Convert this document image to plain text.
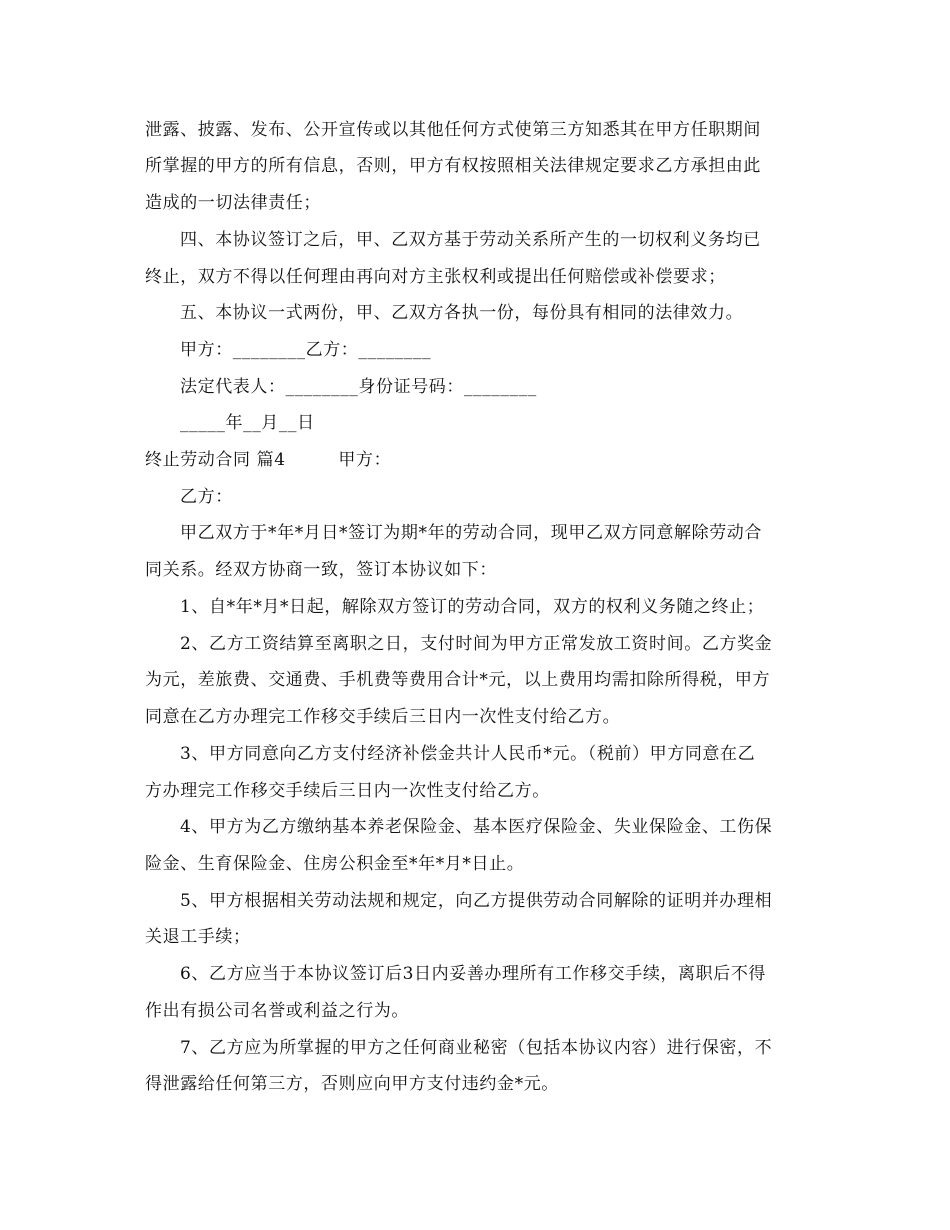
泄露、披露、发布、公开宣传或以其他任何方式使第三方知悉其在甲方任职期间
所掌握的甲方的所有信息，否则，甲方有权按照相关法律规定要求乙方承担由此
造成的一切法律责任；
四、本协议签订之后，甲、乙双方基于劳动关系所产生的一切权利义务均已
终止，双方不得以任何理由再向对方主张权利或提出任何赔偿或补偿要求；
五、本协议一式两份，甲、乙双方各执一份，每份具有相同的法律效力。
甲方：________乙方：________
法定代表人：________身份证号码：________
_____年__月__日
终止劳动合同 篇4　　　甲方：
乙方：
甲乙双方于*年*月日*签订为期*年的劳动合同，现甲乙双方同意解除劳动合
同关系。经双方协商一致，签订本协议如下：
1、自*年*月*日起，解除双方签订的劳动合同，双方的权利义务随之终止；
2、乙方工资结算至离职之日，支付时间为甲方正常发放工资时间。乙方奖金
为元，差旅费、交通费、手机费等费用合计*元，以上费用均需扣除所得税，甲方
同意在乙方办理完工作移交手续后三日内一次性支付给乙方。
3、甲方同意向乙方支付经济补偿金共计人民币*元。（税前）甲方同意在乙
方办理完工作移交手续后三日内一次性支付给乙方。
4、甲方为乙方缴纳基本养老保险金、基本医疗保险金、失业保险金、工伤保
险金、生育保险金、住房公积金至*年*月*日止。
5、甲方根据相关劳动法规和规定，向乙方提供劳动合同解除的证明并办理相
关退工手续；
6、乙方应当于本协议签订后3日内妥善办理所有工作移交手续，离职后不得
作出有损公司名誉或利益之行为。
7、乙方应为所掌握的甲方之任何商业秘密（包括本协议内容）进行保密，不
得泄露给任何第三方，否则应向甲方支付违约金*元。
